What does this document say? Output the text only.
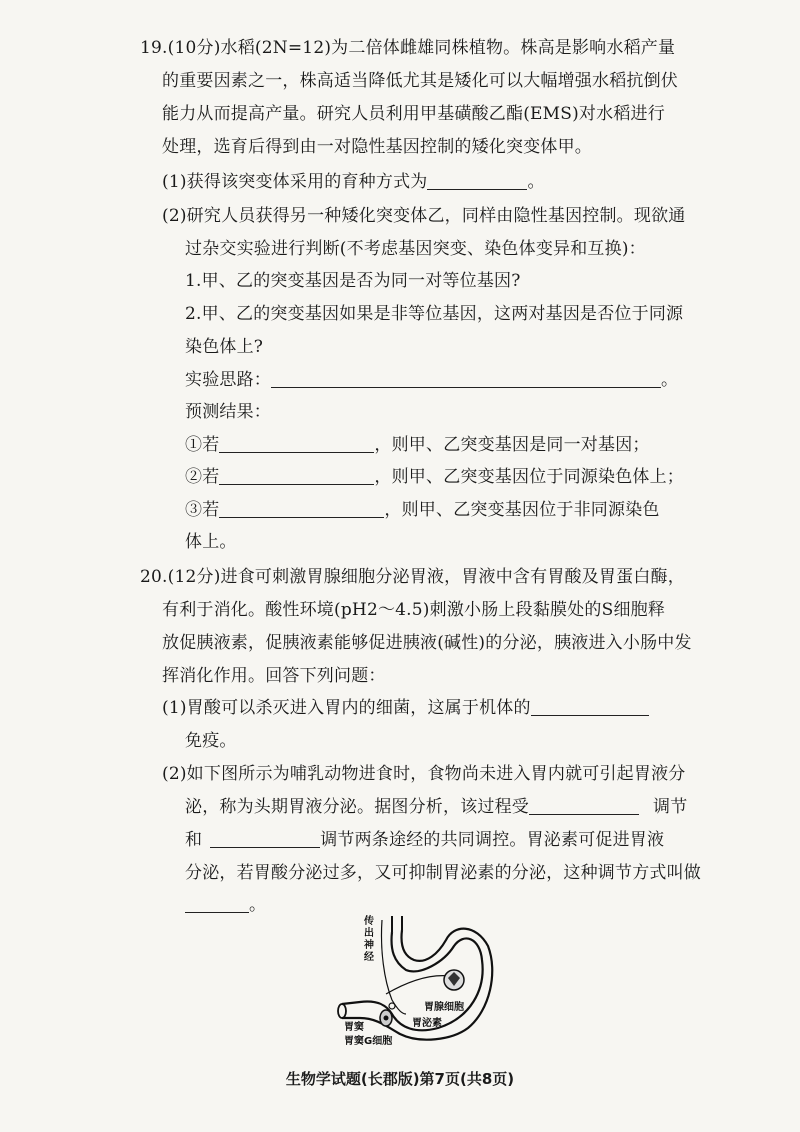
19.(10分)水稻(2N=12)为二倍体雌雄同株植物。株高是影响水稻产量
的重要因素之一，株高适当降低尤其是矮化可以大幅增强水稻抗倒伏
能力从而提高产量。研究人员利用甲基磺酸乙酯(EMS)对水稻进行
处理，选育后得到由一对隐性基因控制的矮化突变体甲。
(1)获得该突变体采用的育种方式为	。
(2)研究人员获得另一种矮化突变体乙，同样由隐性基因控制。现欲通
过杂交实验进行判断(不考虑基因突变、染色体变异和互换)：
1.甲、乙的突变基因是否为同一对等位基因?
2.甲、乙的突变基因如果是非等位基因，这两对基因是否位于同源
染色体上?
实验思路：	。
预测结果：
①若	，则甲、乙突变基因是同一对基因；
②若	，则甲、乙突变基因位于同源染色体上；
③若	，则甲、乙突变基因位于非同源染色
体上。
20.(12分)进食可刺激胃腺细胞分泌胃液，胃液中含有胃酸及胃蛋白酶，
有利于消化。酸性环境(pH2～4.5)刺激小肠上段黏膜处的S细胞释
放促胰液素，促胰液素能够促进胰液(碱性)的分泌，胰液进入小肠中发
挥消化作用。回答下列问题：
(1)胃酸可以杀灭进入胃内的细菌，这属于机体的
免疫。
(2)如下图所示为哺乳动物进食时，食物尚未进入胃内就可引起胃液分
泌，称为头期胃液分泌。据图分析，该过程受	调节
和	调节两条途经的共同调控。胃泌素可促进胃液
分泌，若胃酸分泌过多，又可抑制胃泌素的分泌，这种调节方式叫做
。
传
出
神
经
胃腺细胞
胃泌素
胃窦
胃窦G细胞
生物学试题(长郡版)第7页(共8页)
